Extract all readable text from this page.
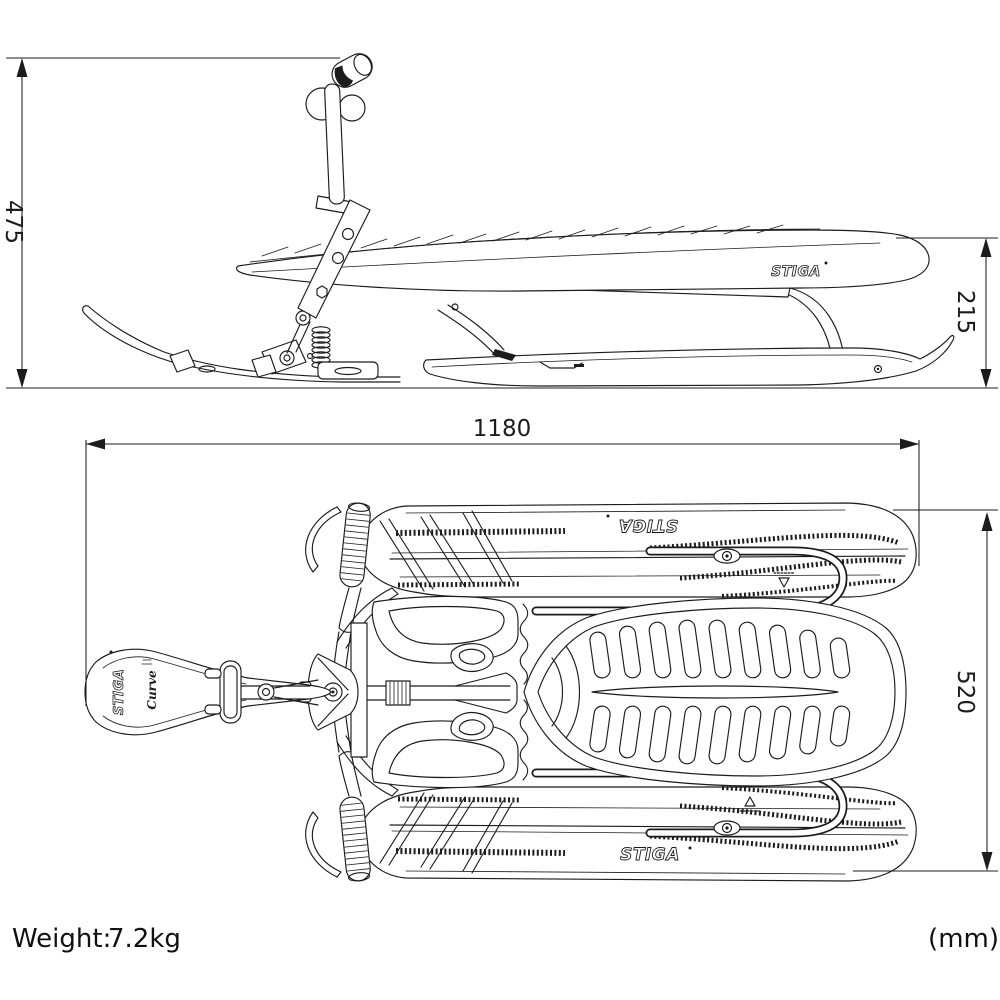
STIGA
STIGA
STIGA
STIGA Curve
475
215
1180
520
Weight:
7.2kg	(mm)
